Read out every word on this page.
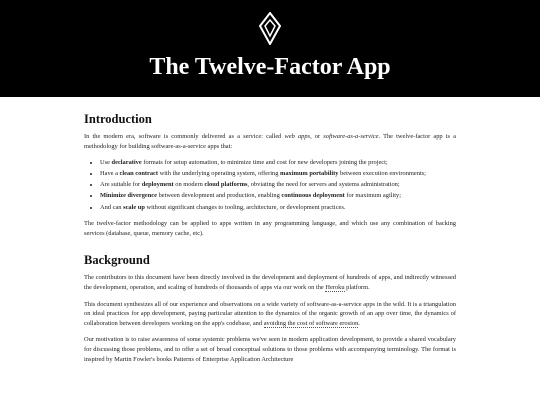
The Twelve-Factor App
Introduction

In the modern era, software is commonly delivered as a service: called web apps, or software-as-a-service. The twelve-factor app is a methodology for building software-as-a-service apps that:

• Use declarative formats for setup automation, to minimize time and cost for new developers joining the project;
• Have a clean contract with the underlying operating system, offering maximum portability between execution environments;
• Are suitable for deployment on modern cloud platforms, obviating the need for servers and systems administration;
• Minimize divergence between development and production, enabling continuous deployment for maximum agility;
• And can scale up without significant changes to tooling, architecture, or development practices.

The twelve-factor methodology can be applied to apps written in any programming language, and which use any combination of backing services (database, queue, memory cache, etc).

Background

The contributors to this document have been directly involved in the development and deployment of hundreds of apps, and indirectly witnessed the development, operation, and scaling of hundreds of thousands of apps via our work on the Heroku platform.

This document synthesizes all of our experience and observations on a wide variety of software-as-a-service apps in the wild. It is a triangulation on ideal practices for app development, paying particular attention to the dynamics of the organic growth of an app over time, the dynamics of collaboration between developers working on the app's codebase, and avoiding the cost of software erosion.

Our motivation is to raise awareness of some systemic problems we've seen in modern application development, to provide a shared vocabulary for discussing those problems, and to offer a set of broad conceptual solutions to those problems with accompanying terminology. The format is inspired by Martin Fowler's books Patterns of Enterprise Application Architecture
